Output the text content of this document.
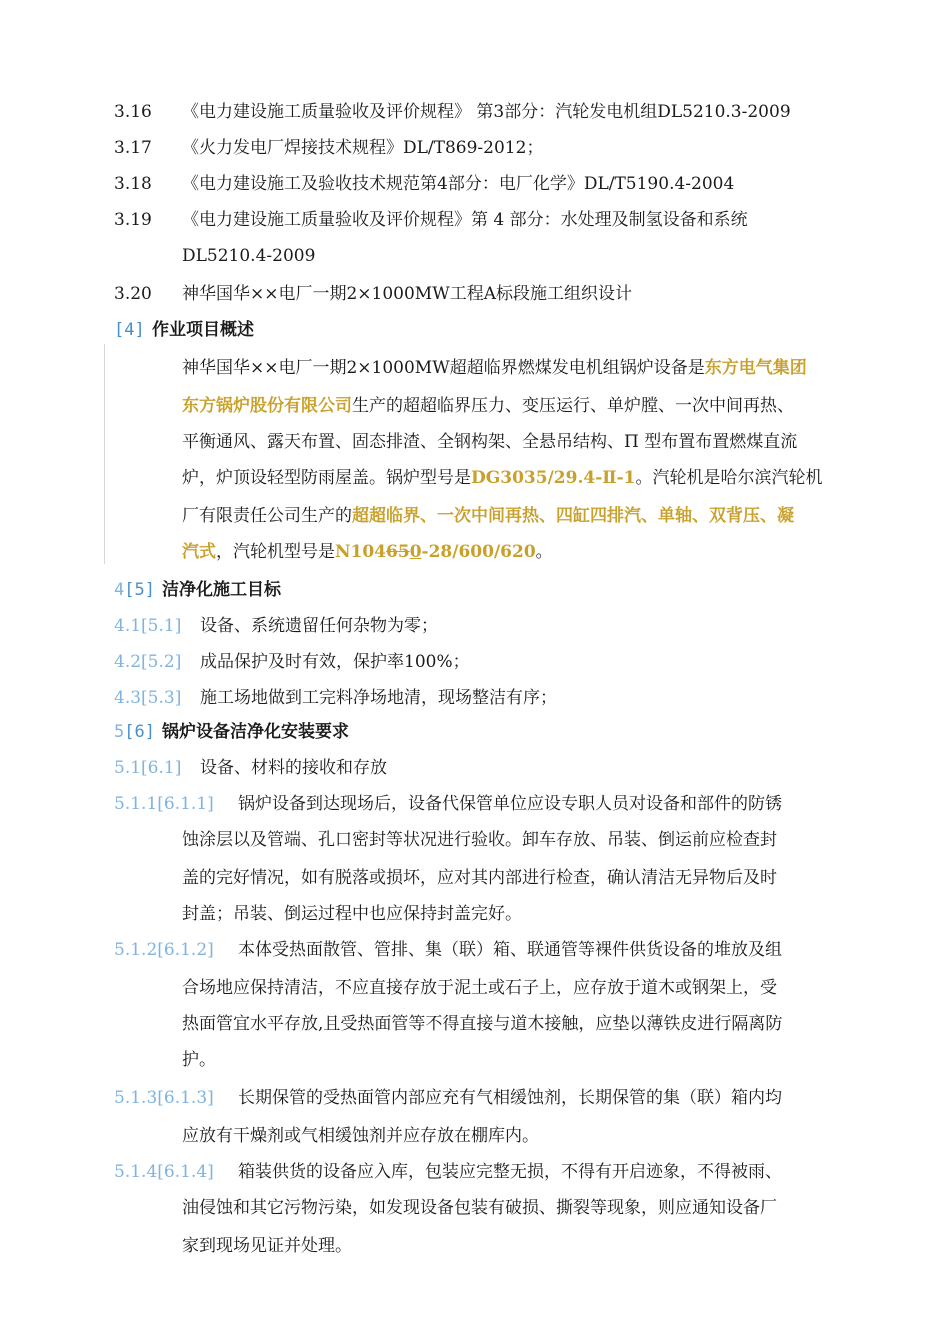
3.16 《电力建设施工质量验收及评价规程》 第3部分：汽轮发电机组DL5210.3-2009
3.17 《火力发电厂焊接技术规程》DL/T869-2012；
3.18 《电力建设施工及验收技术规范第4部分：电厂化学》DL/T5190.4-2004
3.19 《电力建设施工质量验收及评价规程》第 4 部分：水处理及制氢设备和系统
DL5210.4-2009
3.20 神华国华××电厂一期2×1000MW工程A标段施工组织设计
[4] 作业项目概述
神华国华××电厂一期2×1000MW超超临界燃煤发电机组锅炉设备是东方电气集团
东方锅炉股份有限公司生产的超超临界压力、变压运行、单炉膛、一次中间再热、
平衡通风、露天布置、固态排渣、全钢构架、全悬吊结构、Π 型布置布置燃煤直流
炉，炉顶设轻型防雨屋盖。锅炉型号是DG3035/29.4-Ⅱ-1。汽轮机是哈尔滨汽轮机
厂有限责任公司生产的超超临界、一次中间再热、四缸四排汽、单轴、双背压、凝
汽式，汽轮机型号是N104650-28/600/620。
4[5] 洁净化施工目标
4.1[5.1] 设备、系统遗留任何杂物为零；
4.2[5.2] 成品保护及时有效，保护率100%；
4.3[5.3] 施工场地做到工完料净场地清，现场整洁有序；
5[6] 锅炉设备洁净化安装要求
5.1[6.1] 设备、材料的接收和存放
5.1.1[6.1.1] 锅炉设备到达现场后，设备代保管单位应设专职人员对设备和部件的防锈
蚀涂层以及管端、孔口密封等状况进行验收。卸车存放、吊装、倒运前应检查封
盖的完好情况，如有脱落或损坏，应对其内部进行检查，确认清洁无异物后及时
封盖；吊装、倒运过程中也应保持封盖完好。
5.1.2[6.1.2] 本体受热面散管、管排、集（联）箱、联通管等裸件供货设备的堆放及组
合场地应保持清洁，不应直接存放于泥土或石子上，应存放于道木或钢架上，受
热面管宜水平存放,且受热面管等不得直接与道木接触，应垫以薄铁皮进行隔离防
护。
5.1.3[6.1.3] 长期保管的受热面管内部应充有气相缓蚀剂，长期保管的集（联）箱内均
应放有干燥剂或气相缓蚀剂并应存放在棚库内。
5.1.4[6.1.4] 箱装供货的设备应入库，包装应完整无损，不得有开启迹象，不得被雨、
油侵蚀和其它污物污染，如发现设备包装有破损、撕裂等现象，则应通知设备厂
家到现场见证并处理。
